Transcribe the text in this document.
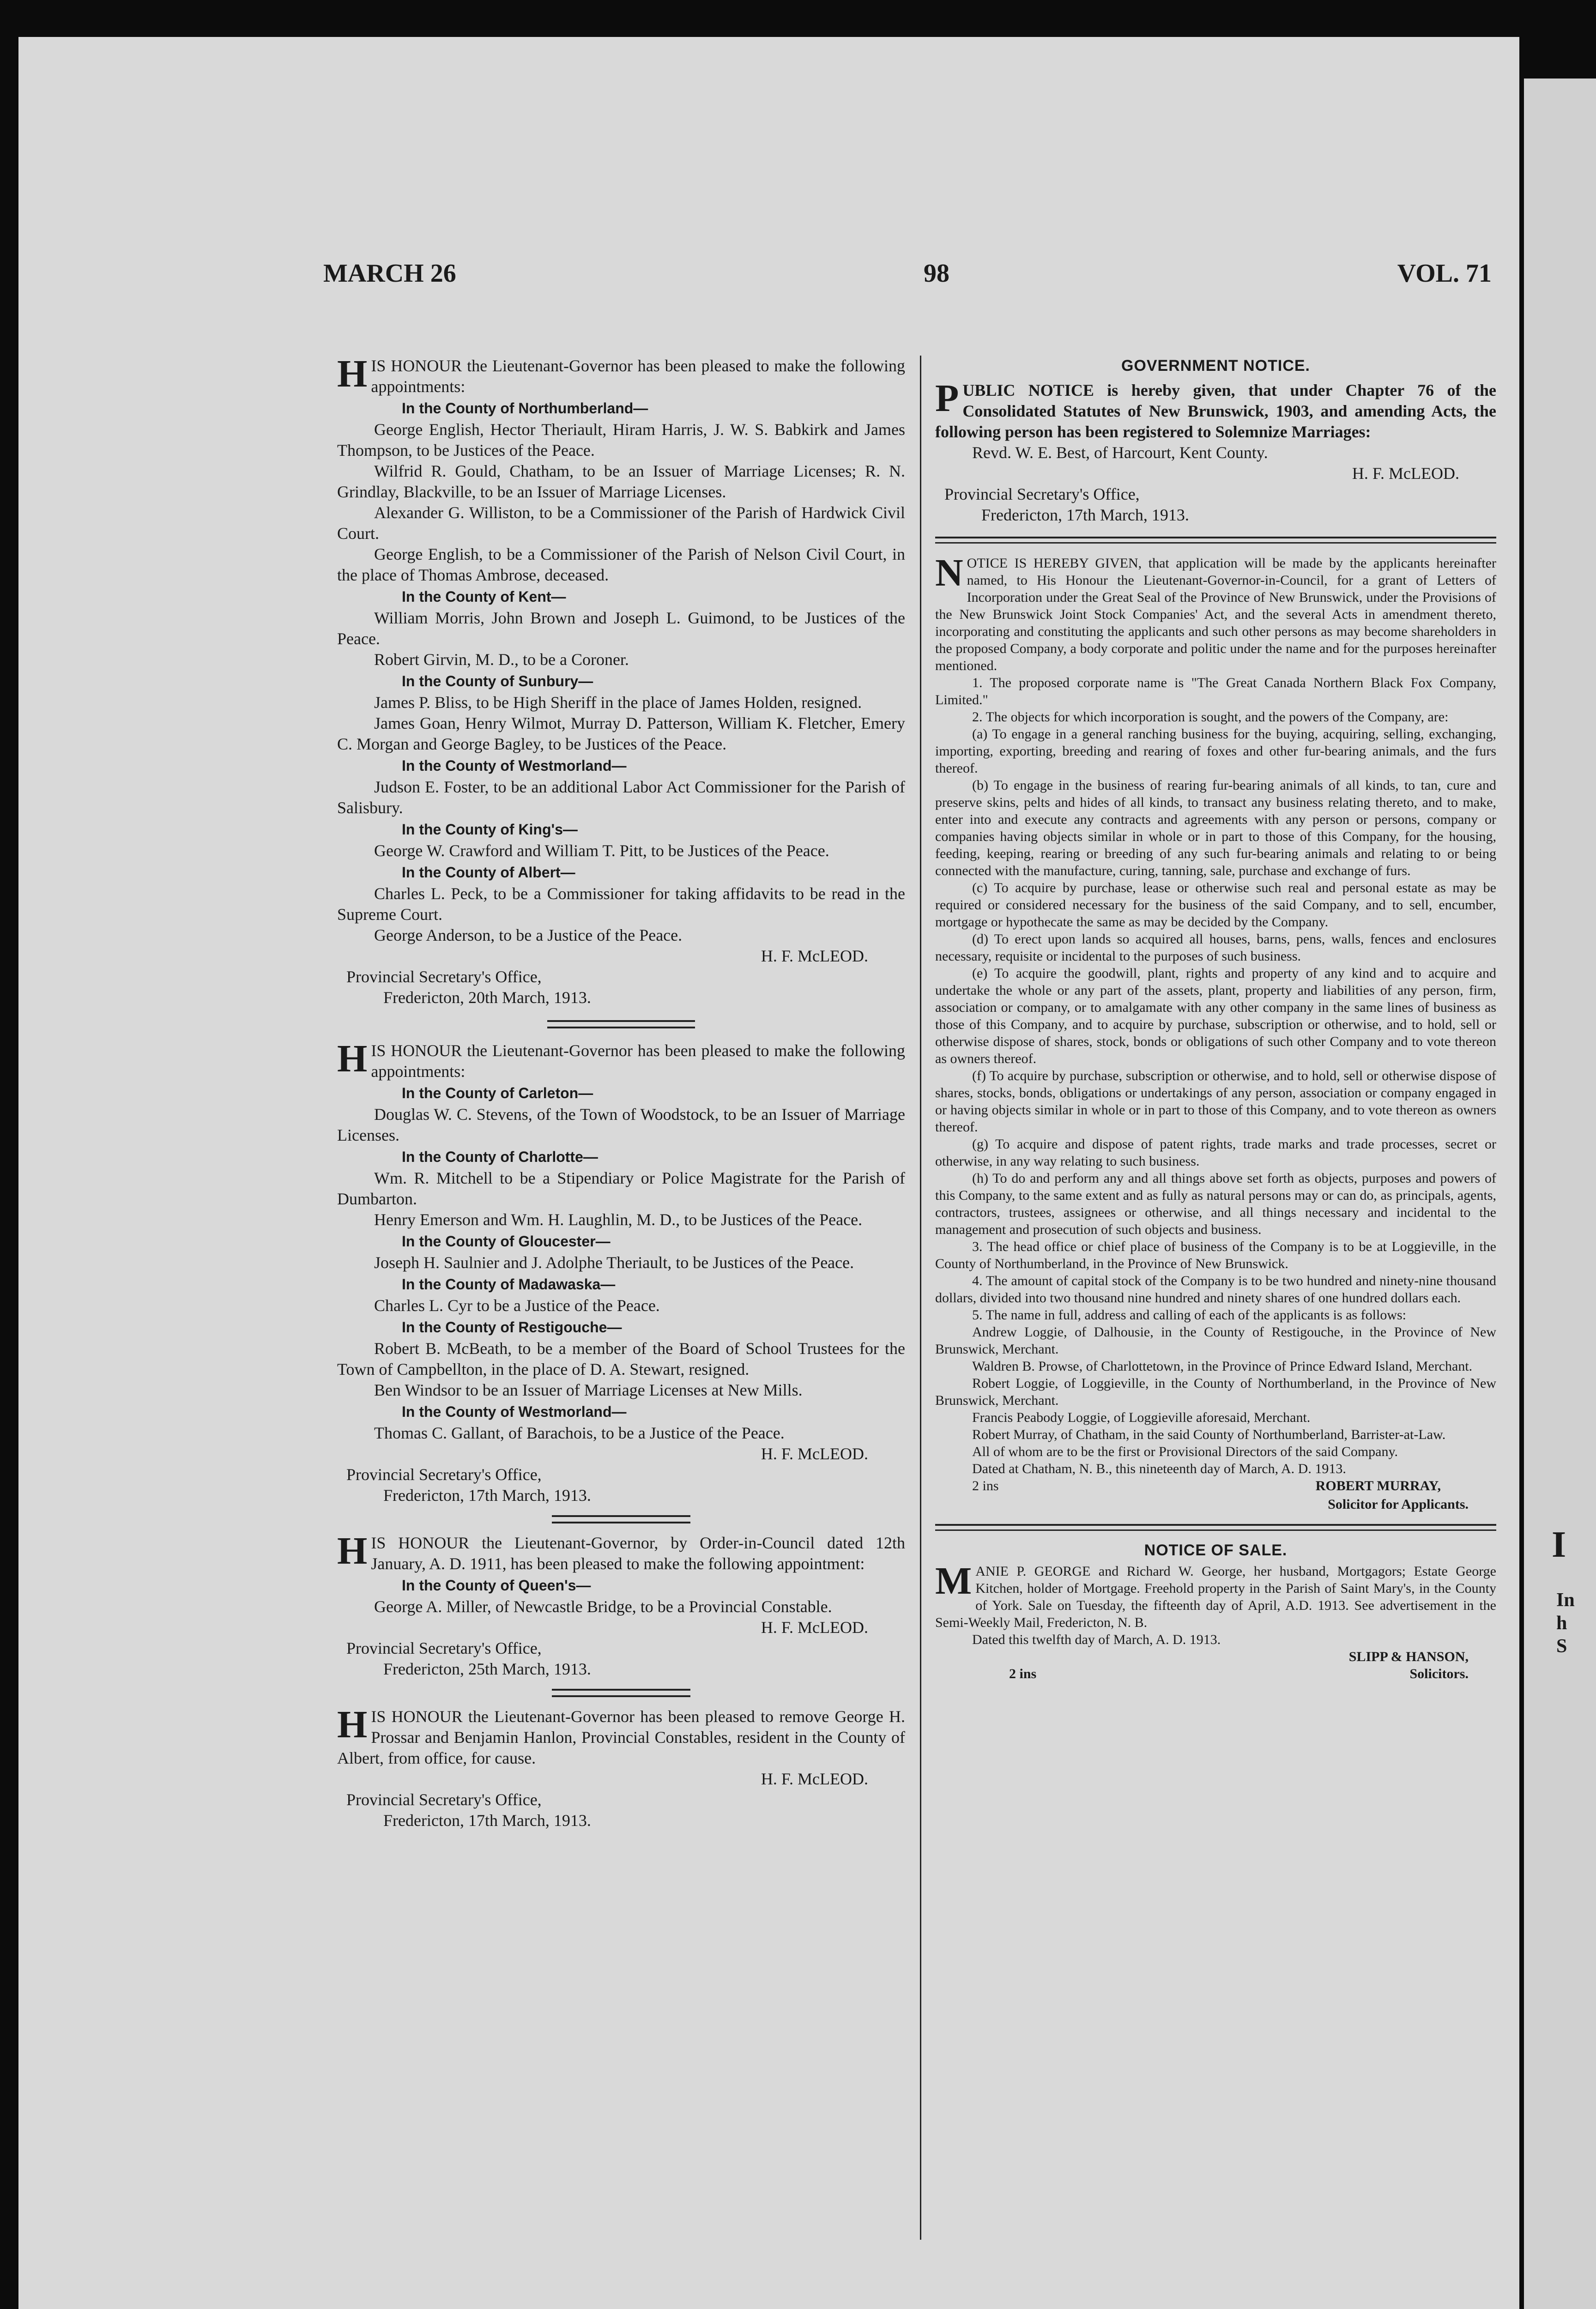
MARCH 26	98	VOL. 71

HIS HONOUR the Lieutenant-Governor has been pleased to make the following appointments:

In the County of Northumberland—

George English, Hector Theriault, Hiram Harris, J. W. S. Babkirk and James Thompson, to be Justices of the Peace.

Wilfrid R. Gould, Chatham, to be an Issuer of Marriage Licenses; R. N. Grindlay, Blackville, to be an Issuer of Marriage Licenses.

Alexander G. Williston, to be a Commissioner of the Parish of Hardwick Civil Court.

George English, to be a Commissioner of the Parish of Nelson Civil Court, in the place of Thomas Ambrose, deceased.

In the County of Kent—

William Morris, John Brown and Joseph L. Guimond, to be Justices of the Peace.

Robert Girvin, M. D., to be a Coroner.

In the County of Sunbury—

James P. Bliss, to be High Sheriff in the place of James Holden, resigned.

James Goan, Henry Wilmot, Murray D. Patterson, William K. Fletcher, Emery C. Morgan and George Bagley, to be Justices of the Peace.

In the County of Westmorland—

Judson E. Foster, to be an additional Labor Act Commissioner for the Parish of Salisbury.

In the County of King's—

George W. Crawford and William T. Pitt, to be Justices of the Peace.

In the County of Albert—

Charles L. Peck, to be a Commissioner for taking affidavits to be read in the Supreme Court.

George Anderson, to be a Justice of the Peace.

H. F. McLEOD.

Provincial Secretary's Office,

Fredericton, 20th March, 1913.

HIS HONOUR the Lieutenant-Governor has been pleased to make the following appointments:

In the County of Carleton—

Douglas W. C. Stevens, of the Town of Woodstock, to be an Issuer of Marriage Licenses.

In the County of Charlotte—

Wm. R. Mitchell to be a Stipendiary or Police Magistrate for the Parish of Dumbarton.

Henry Emerson and Wm. H. Laughlin, M. D., to be Justices of the Peace.

In the County of Gloucester—

Joseph H. Saulnier and J. Adolphe Theriault, to be Justices of the Peace.

In the County of Madawaska—

Charles L. Cyr to be a Justice of the Peace.

In the County of Restigouche—

Robert B. McBeath, to be a member of the Board of School Trustees for the Town of Campbellton, in the place of D. A. Stewart, resigned.

Ben Windsor to be an Issuer of Marriage Licenses at New Mills.

In the County of Westmorland—

Thomas C. Gallant, of Barachois, to be a Justice of the Peace.

H. F. McLEOD.

Provincial Secretary's Office,

Fredericton, 17th March, 1913.

HIS HONOUR the Lieutenant-Governor, by Order-in-Council dated 12th January, A. D. 1911, has been pleased to make the following appointment:

In the County of Queen's—

George A. Miller, of Newcastle Bridge, to be a Provincial Constable.

H. F. McLEOD.

Provincial Secretary's Office,

Fredericton, 25th March, 1913.

HIS HONOUR the Lieutenant-Governor has been pleased to remove George H. Prossar and Benjamin Hanlon, Provincial Constables, resident in the County of Albert, from office, for cause.

H. F. McLEOD.

Provincial Secretary's Office,

Fredericton, 17th March, 1913.

GOVERNMENT NOTICE.

PUBLIC NOTICE is hereby given, that under Chapter 76 of the Consolidated Statutes of New Brunswick, 1903, and amending Acts, the following person has been registered to Solemnize Marriages:

Revd. W. E. Best, of Harcourt, Kent County.

H. F. McLEOD.

Provincial Secretary's Office,

Fredericton, 17th March, 1913.

NOTICE IS HEREBY GIVEN, that application will be made by the applicants hereinafter named, to His Honour the Lieutenant-Governor-in-Council, for a grant of Letters of Incorporation under the Great Seal of the Province of New Brunswick, under the Provisions of the New Brunswick Joint Stock Companies' Act, and the several Acts in amendment thereto, incorporating and constituting the applicants and such other persons as may become shareholders in the proposed Company, a body corporate and politic under the name and for the purposes hereinafter mentioned.

1. The proposed corporate name is "The Great Canada Northern Black Fox Company, Limited."

2. The objects for which incorporation is sought, and the powers of the Company, are:

(a) To engage in a general ranching business for the buying, acquiring, selling, exchanging, importing, exporting, breeding and rearing of foxes and other fur-bearing animals, and the furs thereof.

(b) To engage in the business of rearing fur-bearing animals of all kinds, to tan, cure and preserve skins, pelts and hides of all kinds, to transact any business relating thereto, and to make, enter into and execute any contracts and agreements with any person or persons, company or companies having objects similar in whole or in part to those of this Company, for the housing, feeding, keeping, rearing or breeding of any such fur-bearing animals and relating to or being connected with the manufacture, curing, tanning, sale, purchase and exchange of furs.

(c) To acquire by purchase, lease or otherwise such real and personal estate as may be required or considered necessary for the business of the said Company, and to sell, encumber, mortgage or hypothecate the same as may be decided by the Company.

(d) To erect upon lands so acquired all houses, barns, pens, walls, fences and enclosures necessary, requisite or incidental to the purposes of such business.

(e) To acquire the goodwill, plant, rights and property of any kind and to acquire and undertake the whole or any part of the assets, plant, property and liabilities of any person, firm, association or company, or to amalgamate with any other company in the same lines of business as those of this Company, and to acquire by purchase, subscription or otherwise, and to hold, sell or otherwise dispose of shares, stock, bonds or obligations of such other Company and to vote thereon as owners thereof.

(f) To acquire by purchase, subscription or otherwise, and to hold, sell or otherwise dispose of shares, stocks, bonds, obligations or undertakings of any person, association or company engaged in or having objects similar in whole or in part to those of this Company, and to vote thereon as owners thereof.

(g) To acquire and dispose of patent rights, trade marks and trade processes, secret or otherwise, in any way relating to such business.

(h) To do and perform any and all things above set forth as objects, purposes and powers of this Company, to the same extent and as fully as natural persons may or can do, as principals, agents, contractors, trustees, assignees or otherwise, and all things necessary and incidental to the management and prosecution of such objects and business.

3. The head office or chief place of business of the Company is to be at Loggieville, in the County of Northumberland, in the Province of New Brunswick.

4. The amount of capital stock of the Company is to be two hundred and ninety-nine thousand dollars, divided into two thousand nine hundred and ninety shares of one hundred dollars each.

5. The name in full, address and calling of each of the applicants is as follows:

Andrew Loggie, of Dalhousie, in the County of Restigouche, in the Province of New Brunswick, Merchant.

Waldren B. Prowse, of Charlottetown, in the Province of Prince Edward Island, Merchant.

Robert Loggie, of Loggieville, in the County of Northumberland, in the Province of New Brunswick, Merchant.

Francis Peabody Loggie, of Loggieville aforesaid, Merchant.

Robert Murray, of Chatham, in the said County of Northumberland, Barrister-at-Law.

All of whom are to be the first or Provisional Directors of the said Company.

Dated at Chatham, N. B., this nineteenth day of March, A. D. 1913.

2 ins	ROBERT MURRAY,

Solicitor for Applicants.

NOTICE OF SALE.

MANIE P. GEORGE and Richard W. George, her husband, Mortgagors; Estate George Kitchen, holder of Mortgage. Freehold property in the Parish of Saint Mary's, in the County of York. Sale on Tuesday, the fifteenth day of April, A.D. 1913. See advertisement in the Semi-Weekly Mail, Fredericton, N. B.

Dated this twelfth day of March, A. D. 1913.

SLIPP & HANSON,

2 ins	Solicitors.

I
In
h
S
